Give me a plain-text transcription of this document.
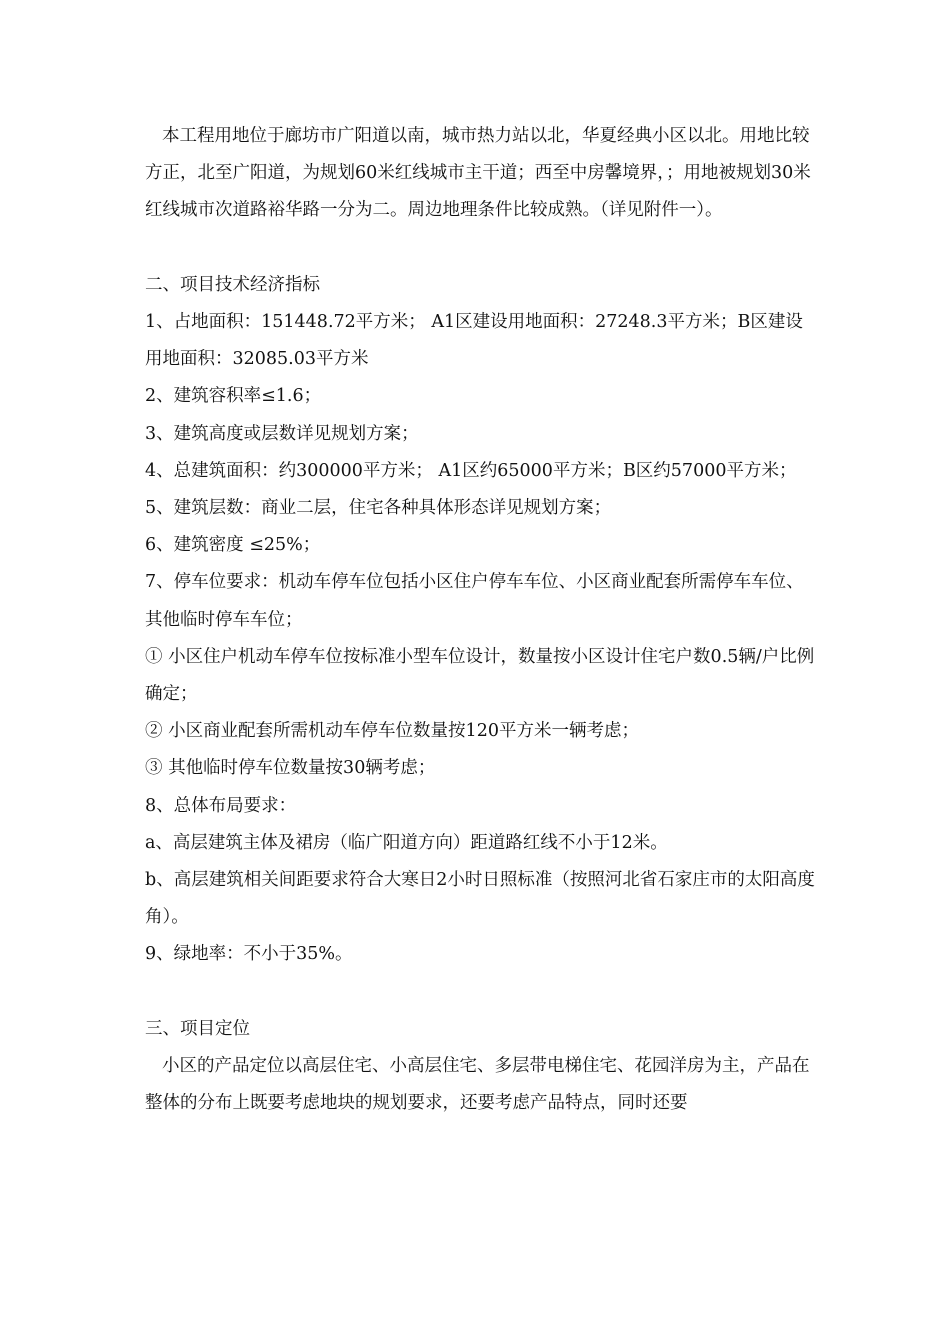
本工程用地位于廊坊市广阳道以南，城市热力站以北，华夏经典小区以北。用地比较方正，北至广阳道，为规划60米红线城市主干道；西至中房馨境界，；用地被规划30米红线城市次道路裕华路一分为二。周边地理条件比较成熟。（详见附件一）。

二、项目技术经济指标

1、占地面积：151448.72平方米； A1区建设用地面积：27248.3平方米；B区建设用地面积：32085.03平方米

2、建筑容积率≤1.6；

3、建筑高度或层数详见规划方案；

4、总建筑面积：约300000平方米； A1区约65000平方米；B区约57000平方米；

5、建筑层数：商业二层，住宅各种具体形态详见规划方案；

6、建筑密度 ≤25%；

7、停车位要求：机动车停车位包括小区住户停车车位、小区商业配套所需停车车位、其他临时停车车位；

① 小区住户机动车停车位按标准小型车位设计，数量按小区设计住宅户数0.5辆/户比例确定；

② 小区商业配套所需机动车停车位数量按120平方米一辆考虑；

③ 其他临时停车位数量按30辆考虑；

8、总体布局要求：

a、高层建筑主体及裙房（临广阳道方向）距道路红线不小于12米。

b、高层建筑相关间距要求符合大寒日2小时日照标准（按照河北省石家庄市的太阳高度角）。

9、绿地率：不小于35%。

三、项目定位

小区的产品定位以高层住宅、小高层住宅、多层带电梯住宅、花园洋房为主，产品在整体的分布上既要考虑地块的规划要求，还要考虑产品特点，同时还要
